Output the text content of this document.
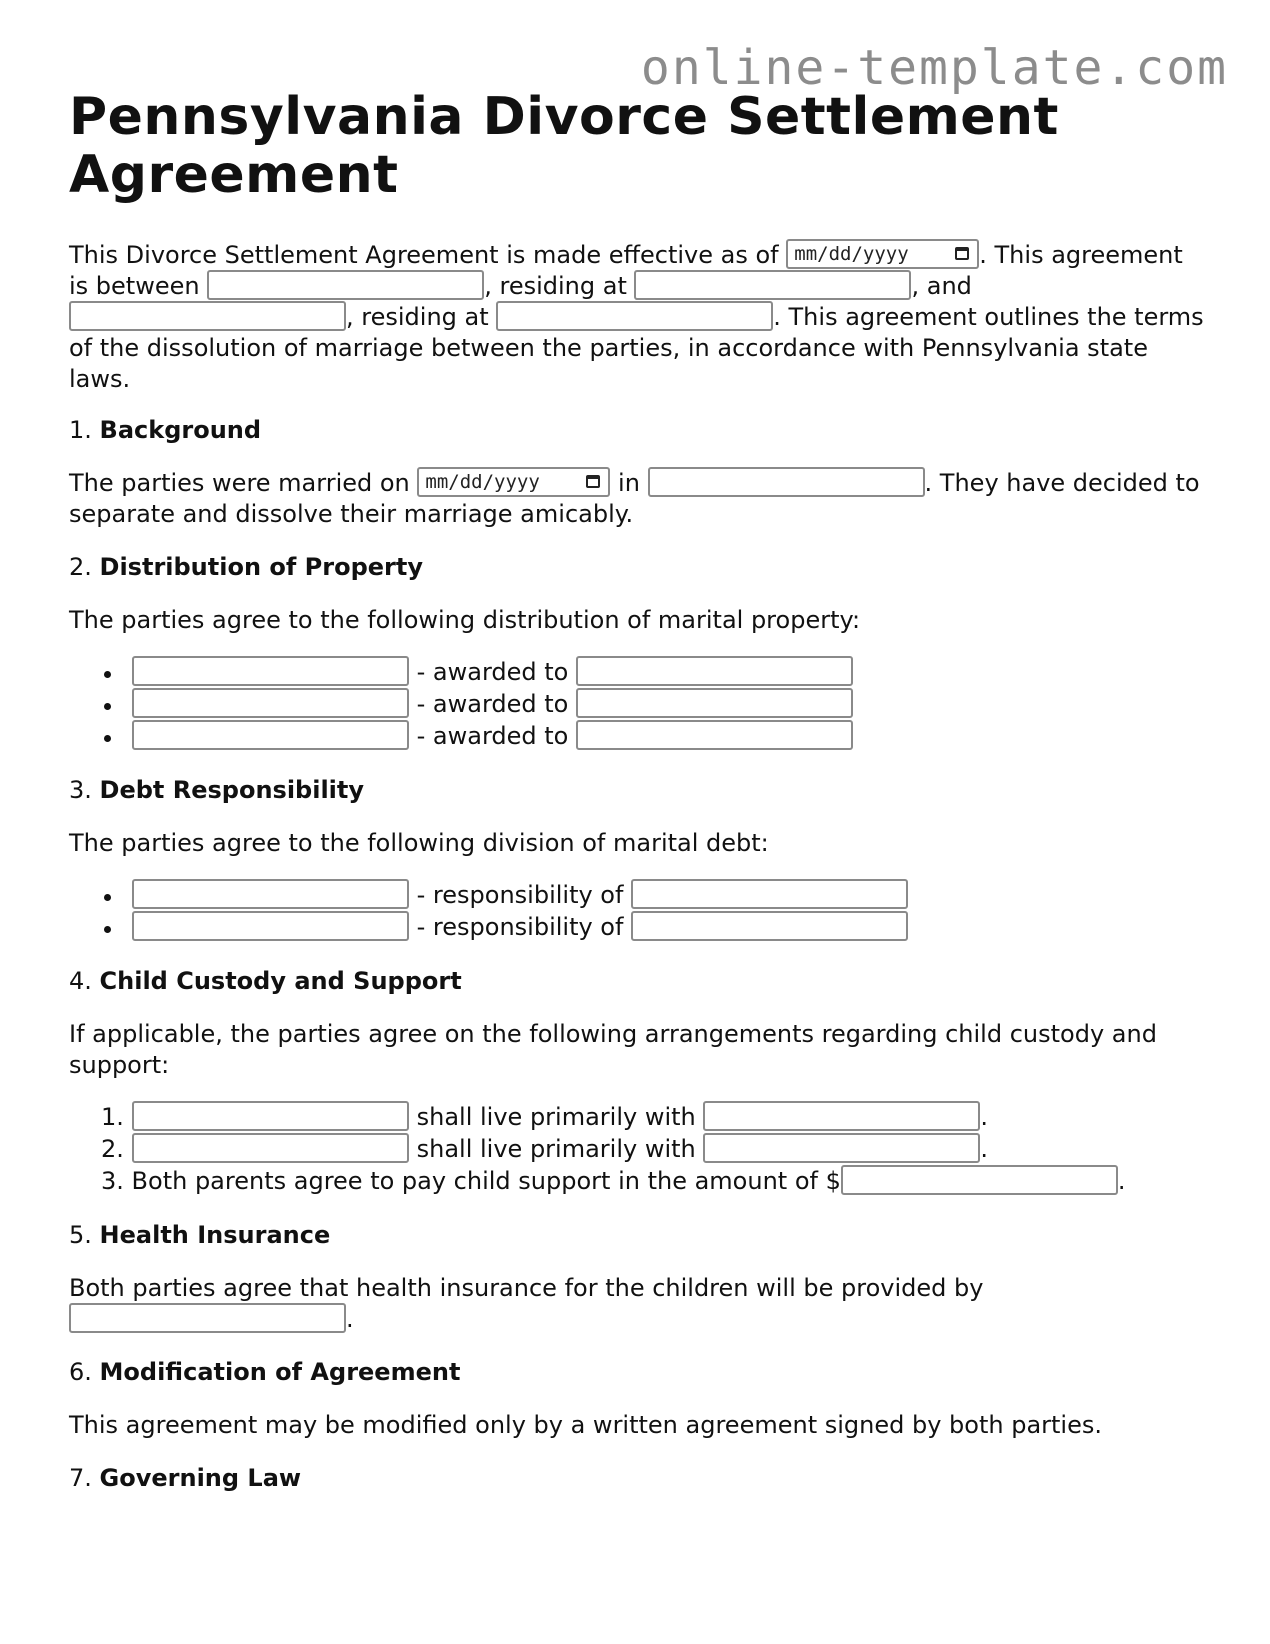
online-template.com
Pennsylvania Divorce Settlement Agreement

This Divorce Settlement Agreement is made effective as of mm/dd/yyyy	. This agreement is between	, residing at	, and , residing at	. This agreement outlines the terms of the dissolution of marriage between the parties, in accordance with Pennsylvania state laws.

1. Background

The parties were married on mm/dd/yyyy	in	. They have decided to separate and dissolve their marriage amicably.

2. Distribution of Property

The parties agree to the following distribution of marital property:

- awarded to
- awarded to
- awarded to

3. Debt Responsibility

The parties agree to the following division of marital debt:

- responsibility of
- responsibility of

4. Child Custody and Support

If applicable, the parties agree on the following arrangements regarding child custody and support:

1.	shall live primarily with	.
2.	shall live primarily with	.
3. Both parents agree to pay child support in the amount of $	.

5. Health Insurance

Both parties agree that health insurance for the children will be provided by .

6. Modification of Agreement

This agreement may be modified only by a written agreement signed by both parties.

7. Governing Law
